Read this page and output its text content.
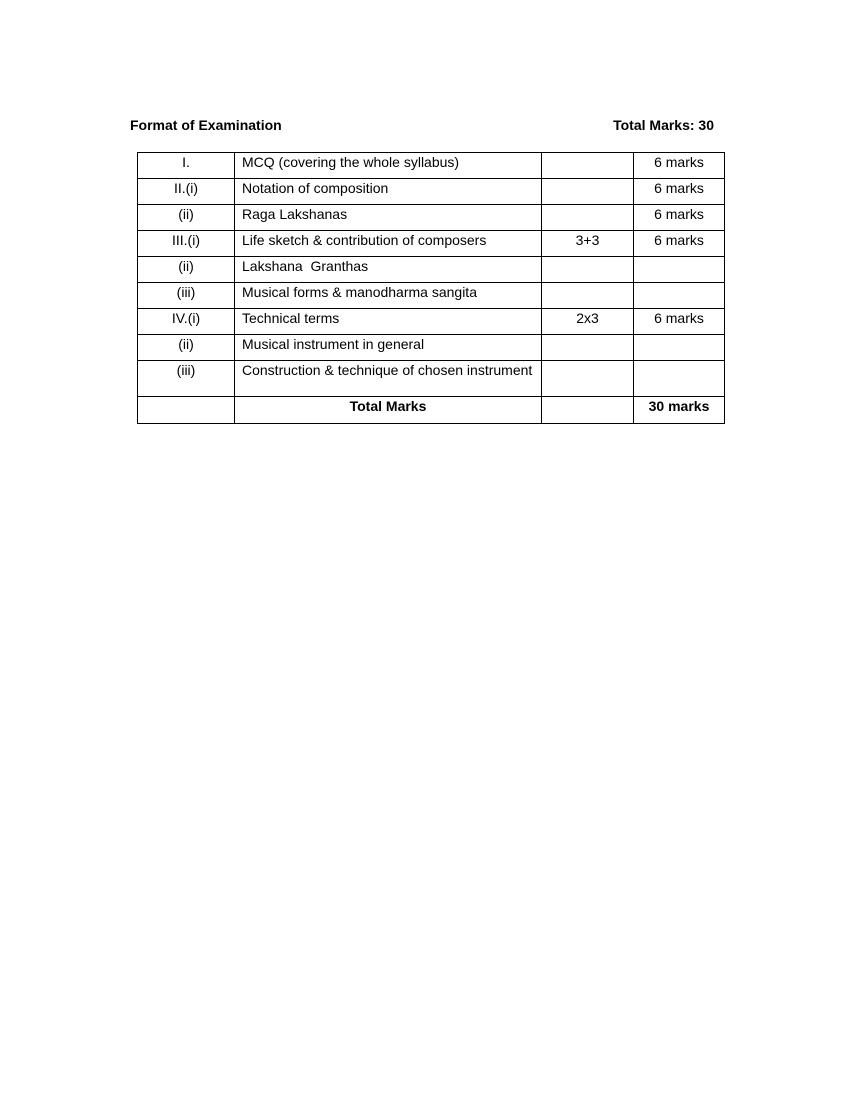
Format of Examination	Total Marks: 30
I.	MCQ (covering the whole syllabus)		6 marks

II.(i)	Notation of composition		6 marks

(ii)	Raga Lakshanas		6 marks

III.(i)	Life sketch & contribution of composers	3+3	6 marks

(ii)	Lakshana  Granthas		

(iii)	Musical forms & manodharma sangita		

IV.(i)	Technical terms	2x3	6 marks

(ii)	Musical instrument in general		

(iii)	Construction & technique of chosen instrument		

	Total Marks		30 marks
